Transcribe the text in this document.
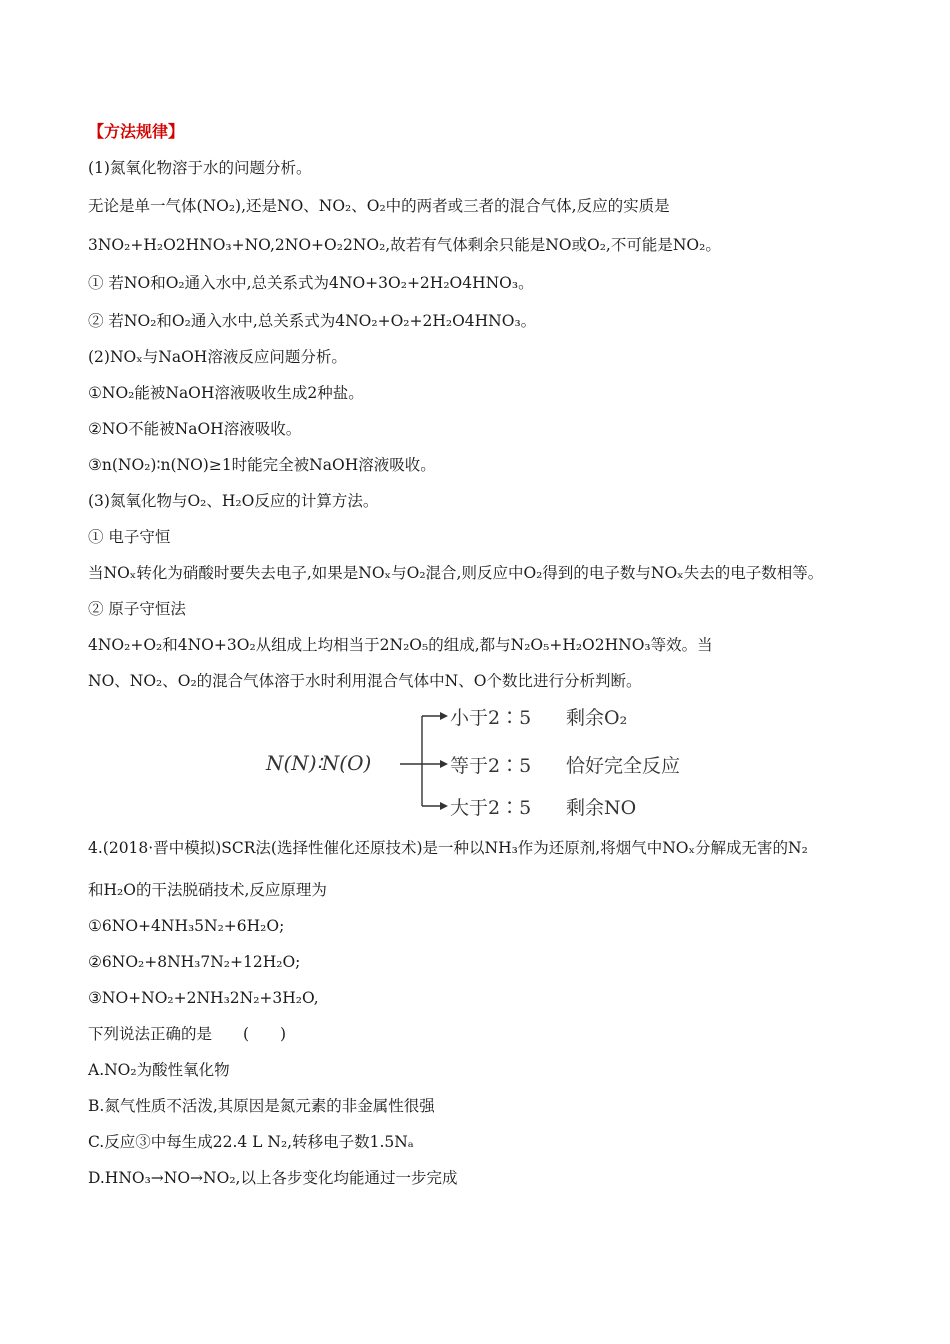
【方法规律】
(1)氮氧化物溶于水的问题分析。
无论是单一气体(NO₂),还是NO、NO₂、O₂中的两者或三者的混合气体,反应的实质是
3NO₂+H₂O2HNO₃+NO,2NO+O₂2NO₂,故若有气体剩余只能是NO或O₂,不可能是NO₂。
① 若NO和O₂通入水中,总关系式为4NO+3O₂+2H₂O4HNO₃。
② 若NO₂和O₂通入水中,总关系式为4NO₂+O₂+2H₂O4HNO₃。
(2)NOₓ与NaOH溶液反应问题分析。
①NO₂能被NaOH溶液吸收生成2种盐。
②NO不能被NaOH溶液吸收。
③n(NO₂)∶n(NO)≥1时能完全被NaOH溶液吸收。
(3)氮氧化物与O₂、H₂O反应的计算方法。
① 电子守恒
当NOₓ转化为硝酸时要失去电子,如果是NOₓ与O₂混合,则反应中O₂得到的电子数与NOₓ失去的电子数相等。
② 原子守恒法
4NO₂+O₂和4NO+3O₂从组成上均相当于2N₂O₅的组成,都与N₂O₅+H₂O2HNO₃等效。当
NO、NO₂、O₂的混合气体溶于水时利用混合气体中N、O个数比进行分析判断。
N(N)∶N(O)
小于2∶5 剩余O₂
等于2∶5 恰好完全反应
大于2∶5 剩余NO
4.(2018·晋中模拟)SCR法(选择性催化还原技术)是一种以NH₃作为还原剂,将烟气中NOₓ分解成无害的N₂
和H₂O的干法脱硝技术,反应原理为
①6NO+4NH₃5N₂+6H₂O;
②6NO₂+8NH₃7N₂+12H₂O;
③NO+NO₂+2NH₃2N₂+3H₂O,
下列说法正确的是　　(　　)
A.NO₂为酸性氧化物
B.氮气性质不活泼,其原因是氮元素的非金属性很强
C.反应③中每生成22.4 L N₂,转移电子数1.5Nₐ
D.HNO₃→NO→NO₂,以上各步变化均能通过一步完成
